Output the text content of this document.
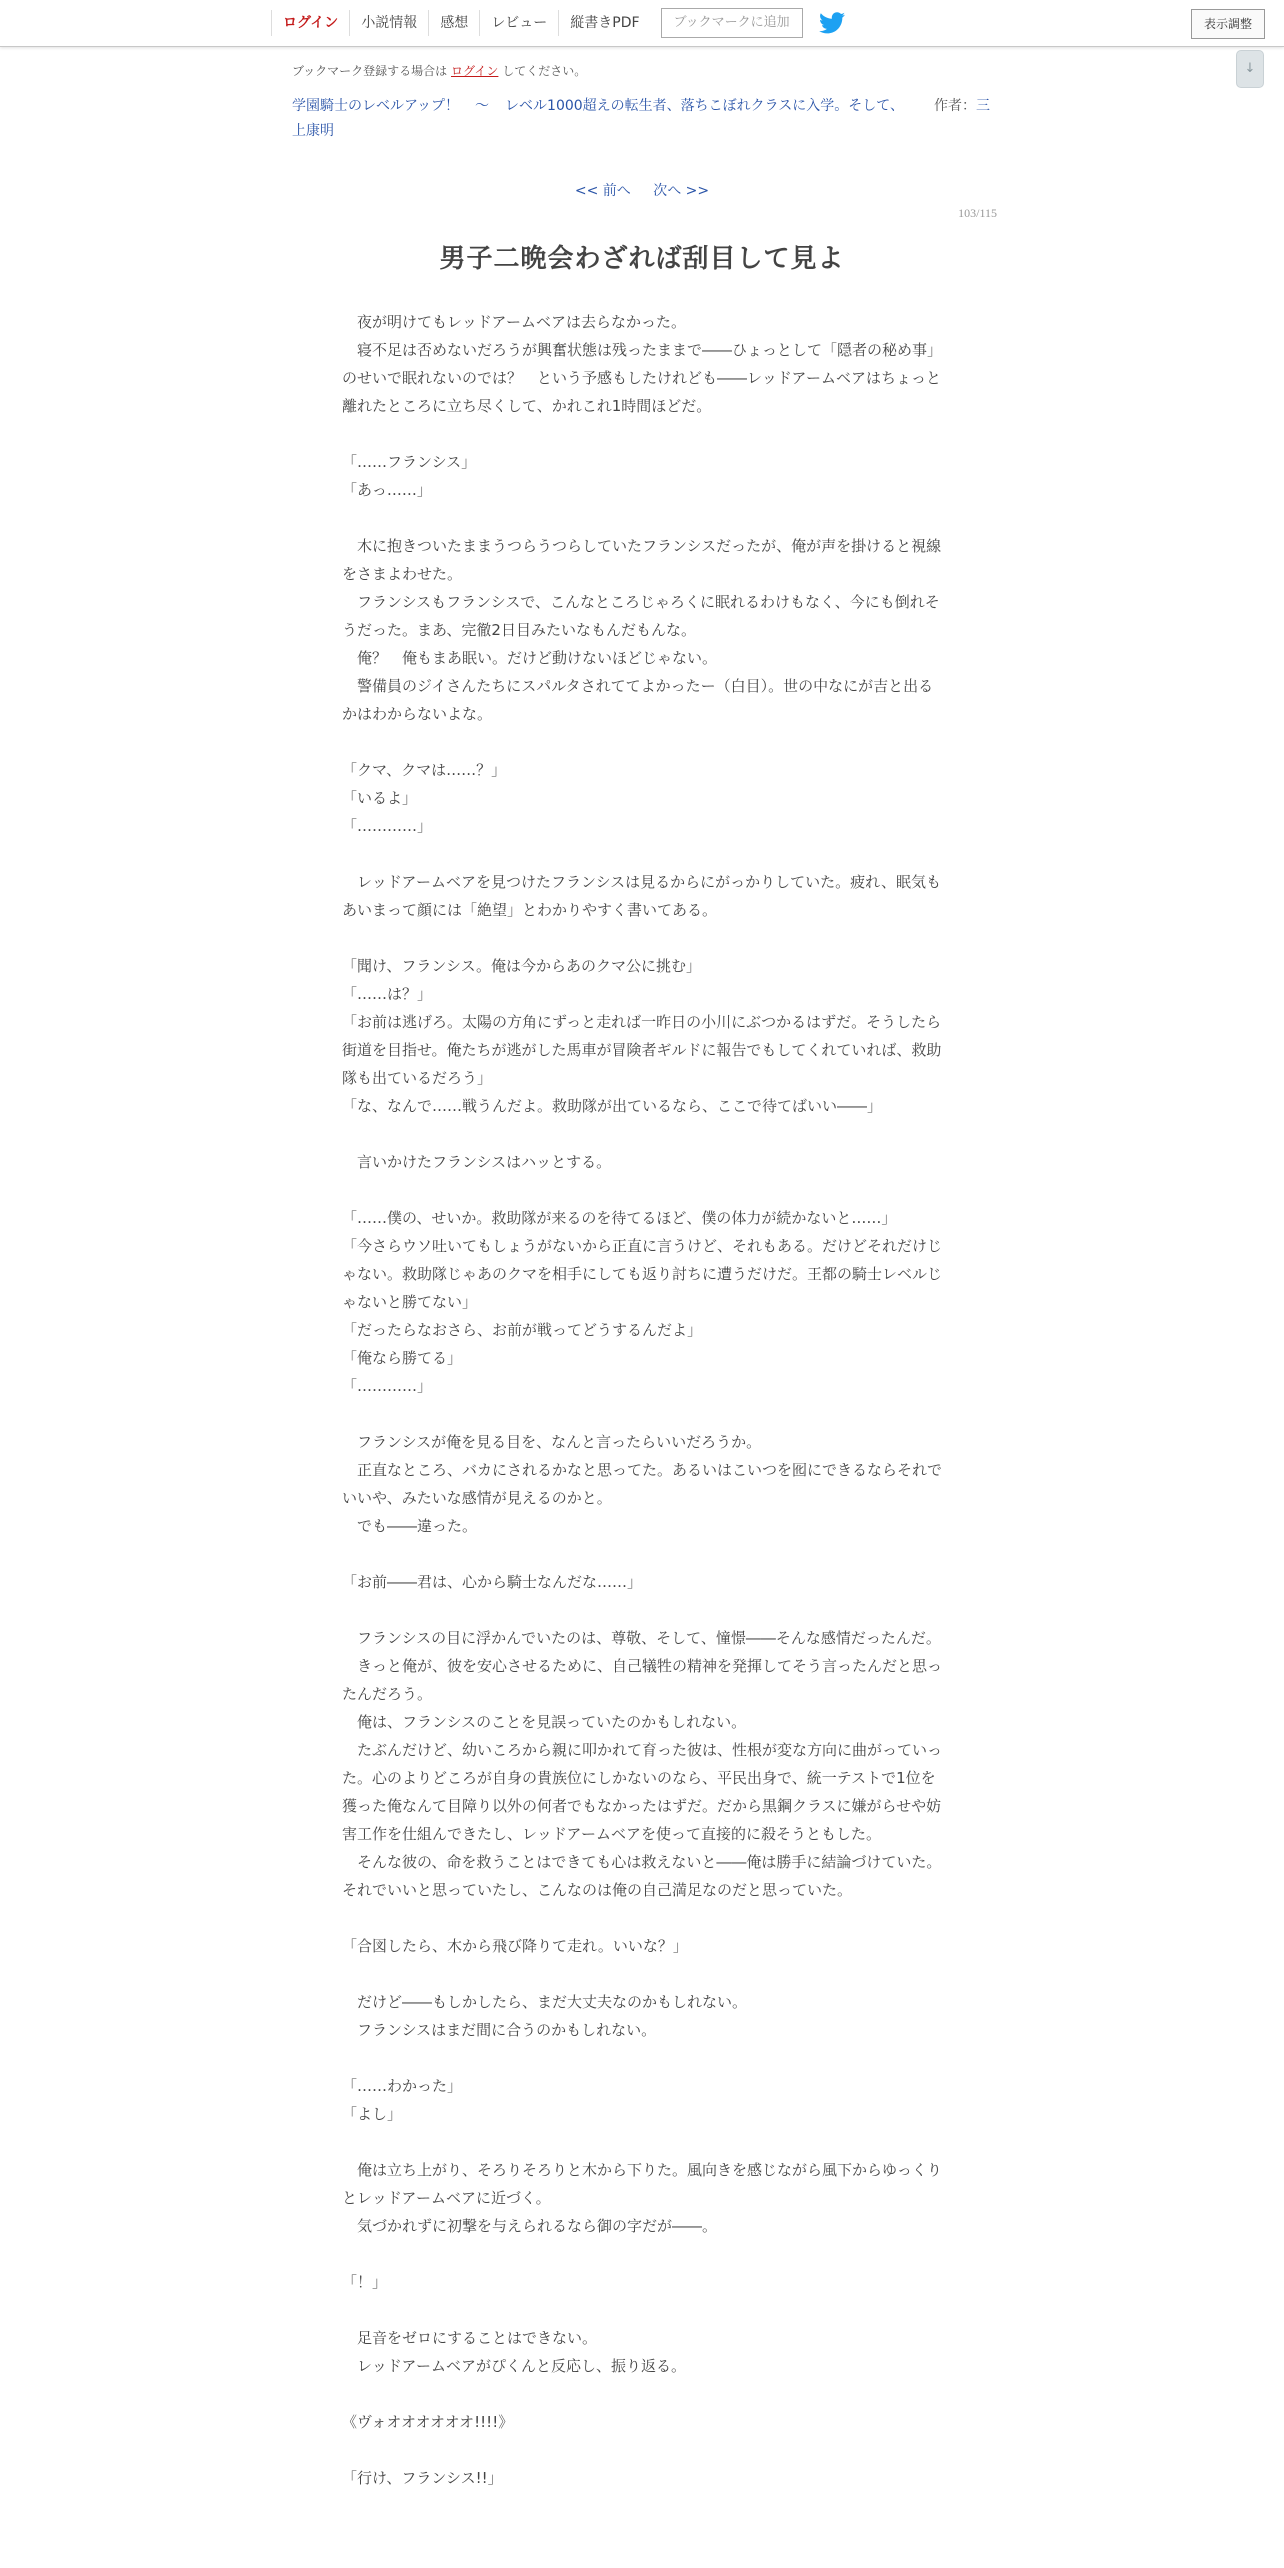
ログイン	小説情報	感想	レビュー	縦書きPDF	ブックマークに追加	表示調整
↓
ブックマーク登録する場合は ログイン してください。
学園騎士のレベルアップ！ 〜 レベル1000超えの転生者、落ちこぼれクラスに入学。そして、 作者：三上康明
<< 前へ 次へ >>
103/115
男子二晩会わざれば刮目して見よ

　夜が明けてもレッドアームベアは去らなかった。

　寝不足は否めないだろうが興奮状態は残ったままで――ひょっとして「隠者の秘め事」のせいで眠れないのでは？　という予感もしたけれども――レッドアームベアはちょっと離れたところに立ち尽くして、かれこれ1時間ほどだ。

「……フランシス」

「あっ……」

　木に抱きついたままうつらうつらしていたフランシスだったが、俺が声を掛けると視線をさまよわせた。

　フランシスもフランシスで、こんなところじゃろくに眠れるわけもなく、今にも倒れそうだった。まあ、完徹2日目みたいなもんだもんな。

　俺？　俺もまあ眠い。だけど動けないほどじゃない。

　警備員のジイさんたちにスパルタされててよかったー（白目）。世の中なにが吉と出るかはわからないよな。

「クマ、クマは……？」

「いるよ」

「…………」

　レッドアームベアを見つけたフランシスは見るからにがっかりしていた。疲れ、眠気もあいまって顔には「絶望」とわかりやすく書いてある。

「聞け、フランシス。俺は今からあのクマ公に挑む」

「……は？」

「お前は逃げろ。太陽の方角にずっと走れば一昨日の小川にぶつかるはずだ。そうしたら街道を目指せ。俺たちが逃がした馬車が冒険者ギルドに報告でもしてくれていれば、救助隊も出ているだろう」

「な、なんで……戦うんだよ。救助隊が出ているなら、ここで待てばいい――」

　言いかけたフランシスはハッとする。

「……僕の、せいか。救助隊が来るのを待てるほど、僕の体力が続かないと……」

「今さらウソ吐いてもしょうがないから正直に言うけど、それもある。だけどそれだけじゃない。救助隊じゃあのクマを相手にしても返り討ちに遭うだけだ。王都の騎士レベルじゃないと勝てない」

「だったらなおさら、お前が戦ってどうするんだよ」

「俺なら勝てる」

「…………」

　フランシスが俺を見る目を、なんと言ったらいいだろうか。

　正直なところ、バカにされるかなと思ってた。あるいはこいつを囮にできるならそれでいいや、みたいな感情が見えるのかと。

　でも――違った。

「お前――君は、心から騎士なんだな……」

　フランシスの目に浮かんでいたのは、尊敬、そして、憧憬――そんな感情だったんだ。

　きっと俺が、彼を安心させるために、自己犠牲の精神を発揮してそう言ったんだと思ったんだろう。

　俺は、フランシスのことを見誤っていたのかもしれない。

　たぶんだけど、幼いころから親に叩かれて育った彼は、性根が変な方向に曲がっていった。心のよりどころが自身の貴族位にしかないのなら、平民出身で、統一テストで1位を獲った俺なんて目障り以外の何者でもなかったはずだ。だから黒鋼クラスに嫌がらせや妨害工作を仕組んできたし、レッドアームベアを使って直接的に殺そうともした。

　そんな彼の、命を救うことはできても心は救えないと――俺は勝手に結論づけていた。それでいいと思っていたし、こんなのは俺の自己満足なのだと思っていた。

「合図したら、木から飛び降りて走れ。いいな？」

　だけど――もしかしたら、まだ大丈夫なのかもしれない。

　フランシスはまだ間に合うのかもしれない。

「……わかった」

「よし」

　俺は立ち上がり、そろりそろりと木から下りた。風向きを感じながら風下からゆっくりとレッドアームベアに近づく。

　気づかれずに初撃を与えられるなら御の字だが――。

「！」

　足音をゼロにすることはできない。

　レッドアームベアがぴくんと反応し、振り返る。

《ヴォオオオオオオ!!!!》

「行け、フランシス!!」
